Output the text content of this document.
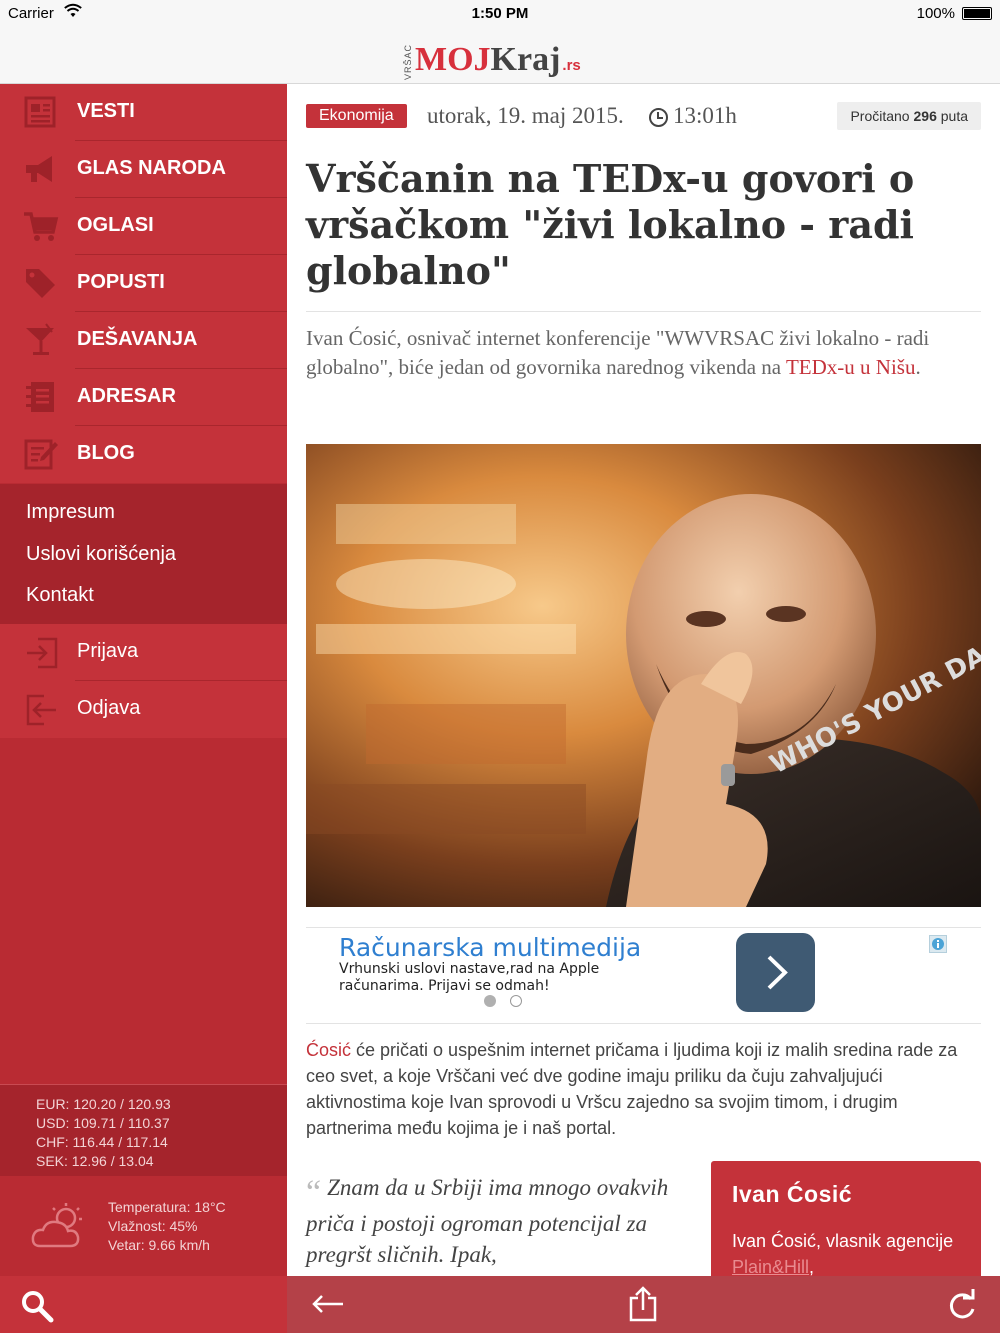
Carrier	1:50 PM	100%
VRŠAC MOJ Kraj .rs
VESTI
GLAS NARODA
OGLASI
POPUSTI
DEŠAVANJA
ADRESAR
BLOG
Impresum
Uslovi korišćenja
Kontakt
Prijava
Odjava
EUR: 120.20 / 120.93
USD: 109.71 / 110.37
CHF: 116.44 / 117.14
SEK: 12.96 / 13.04
Temperatura: 18°C
Vlažnost: 45%
Vetar: 9.66 km/h
Ekonomija	utorak, 19. maj 2015. 13:01h	Pročitano 296 puta
Vrščanin na TEDx-u govori o vršačkom "živi lokalno - radi globalno"

Ivan Ćosić, osnivač internet konferencije "WWVRSAC živi lokalno - radi globalno", biće jedan od govornika narednog vikenda na TEDx-u u Nišu.

Računarska multimedija
Vrhunski uslovi nastave,rad na Apple računarima. Prijavi se odmah!

Ćosić će pričati o uspešnim internet pričama i ljudima koji iz malih sredina rade za ceo svet, a koje Vrščani već dve godine imaju priliku da čuju zahvaljujući aktivnostima koje Ivan sprovodi u Vršcu zajedno sa svojim timom, i drugim partnerima među kojima je i naš portal.

“ Znam da u Srbiji ima mnogo ovakvih priča i postoji ogroman potencijal za pregršt sličnih. Ipak,

Ivan Ćosić
Ivan Ćosić, vlasnik agencije Plain&Hill,
